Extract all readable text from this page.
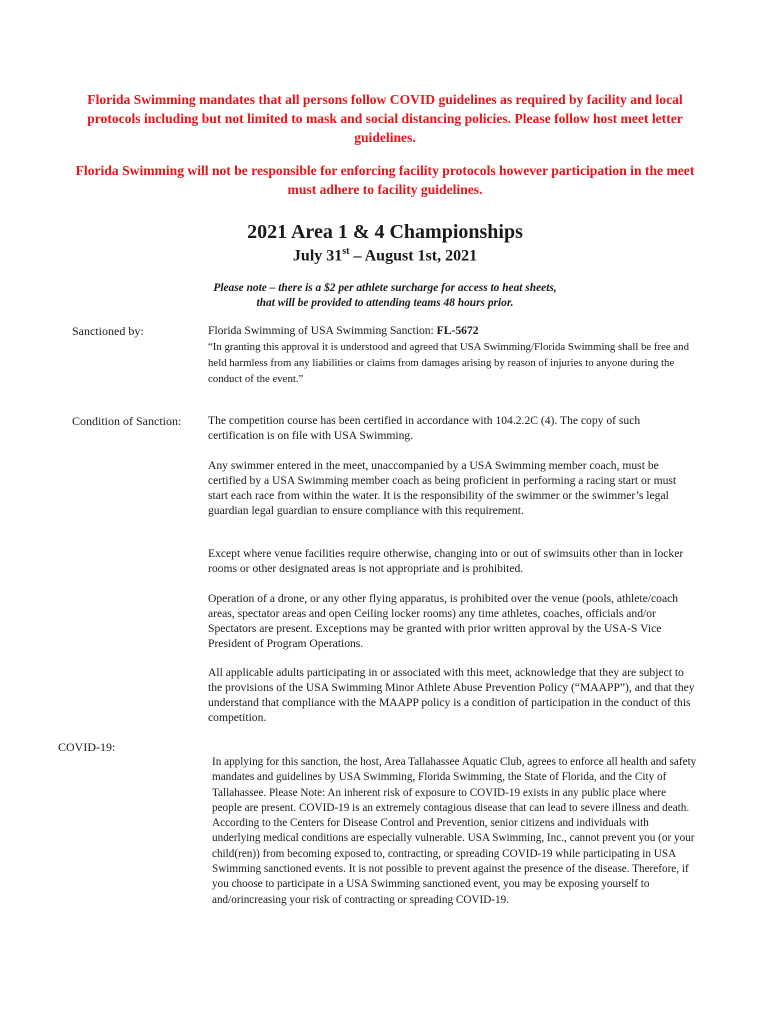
Florida Swimming mandates that all persons follow COVID guidelines as required by facility and local protocols including but not limited to mask and social distancing policies. Please follow host meet letter guidelines.
Florida Swimming will not be responsible for enforcing facility protocols however participation in the meet must adhere to facility guidelines.
2021 Area 1 & 4 Championships
July 31st – August 1st, 2021
Please note – there is a $2 per athlete surcharge for access to heat sheets,
that will be provided to attending teams 48 hours prior.
Sanctioned by:	Florida Swimming of USA Swimming Sanction: FL-5672
“In granting this approval it is understood and agreed that USA Swimming/Florida Swimming shall be free and held harmless from any liabilities or claims from damages arising by reason of injuries to anyone during the conduct of the event.”
Condition of Sanction: The competition course has been certified in accordance with 104.2.2C (4). The copy of such certification is on file with USA Swimming.
Any swimmer entered in the meet, unaccompanied by a USA Swimming member coach, must be certified by a USA Swimming member coach as being proficient in performing a racing start or must start each race from within the water. It is the responsibility of the swimmer or the swimmer’s legal guardian legal guardian to ensure compliance with this requirement.
Except where venue facilities require otherwise, changing into or out of swimsuits other than in locker rooms or other designated areas is not appropriate and is prohibited.
Operation of a drone, or any other flying apparatus, is prohibited over the venue (pools, athlete/coach areas, spectator areas and open Ceiling locker rooms) any time athletes, coaches, officials and/or Spectators are present. Exceptions may be granted with prior written approval by the USA-S Vice President of Program Operations.
All applicable adults participating in or associated with this meet, acknowledge that they are subject to the provisions of the USA Swimming Minor Athlete Abuse Prevention Policy (“MAAPP”), and that they understand that compliance with the MAAPP policy is a condition of participation in the conduct of this competition.
COVID-19:
In applying for this sanction, the host, Area Tallahassee Aquatic Club, agrees to enforce all health and safety mandates and guidelines by USA Swimming, Florida Swimming, the State of Florida, and the City of Tallahassee. Please Note: An inherent risk of exposure to COVID-19 exists in any public place where people are present. COVID-19 is an extremely contagious disease that can lead to severe illness and death. According to the Centers for Disease Control and Prevention, senior citizens and individuals with underlying medical conditions are especially vulnerable. USA Swimming, Inc., cannot prevent you (or your child(ren)) from becoming exposed to, contracting, or spreading COVID-19 while participating in USA Swimming sanctioned events. It is not possible to prevent against the presence of the disease. Therefore, if you choose to participate in a USA Swimming sanctioned event, you may be exposing yourself to and/orincreasing your risk of contracting or spreading COVID-19.
